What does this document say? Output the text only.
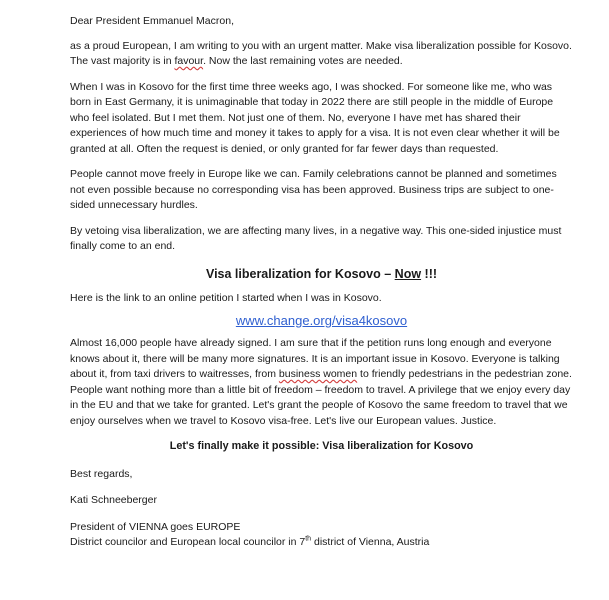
Dear President Emmanuel Macron,

as a proud European, I am writing to you with an urgent matter. Make visa liberalization possible for Kosovo. The vast majority is in favour. Now the last remaining votes are needed.

When I was in Kosovo for the first time three weeks ago, I was shocked. For someone like me, who was born in East Germany, it is unimaginable that today in 2022 there are still people in the middle of Europe who feel isolated. But I met them. Not just one of them. No, everyone I have met has shared their experiences of how much time and money it takes to apply for a visa. It is not even clear whether it will be granted at all. Often the request is denied, or only granted for far fewer days than requested.

People cannot move freely in Europe like we can. Family celebrations cannot be planned and sometimes not even possible because no corresponding visa has been approved. Business trips are subject to one-sided unnecessary hurdles.

By vetoing visa liberalization, we are affecting many lives, in a negative way. This one-sided injustice must finally come to an end.

Visa liberalization for Kosovo – Now !!!

Here is the link to an online petition I started when I was in Kosovo.

www.change.org/visa4kosovo

Almost 16,000 people have already signed. I am sure that if the petition runs long enough and everyone knows about it, there will be many more signatures. It is an important issue in Kosovo. Everyone is talking about it, from taxi drivers to waitresses, from business women to friendly pedestrians in the pedestrian zone. People want nothing more than a little bit of freedom – freedom to travel. A privilege that we enjoy every day in the EU and that we take for granted. Let's grant the people of Kosovo the same freedom to travel that we enjoy ourselves when we travel to Kosovo visa-free. Let's live our European values. Justice.

Let's finally make it possible: Visa liberalization for Kosovo

Best regards,

Kati Schneeberger

President of VIENNA goes EUROPE

District councilor and European local councilor in 7th district of Vienna, Austria
